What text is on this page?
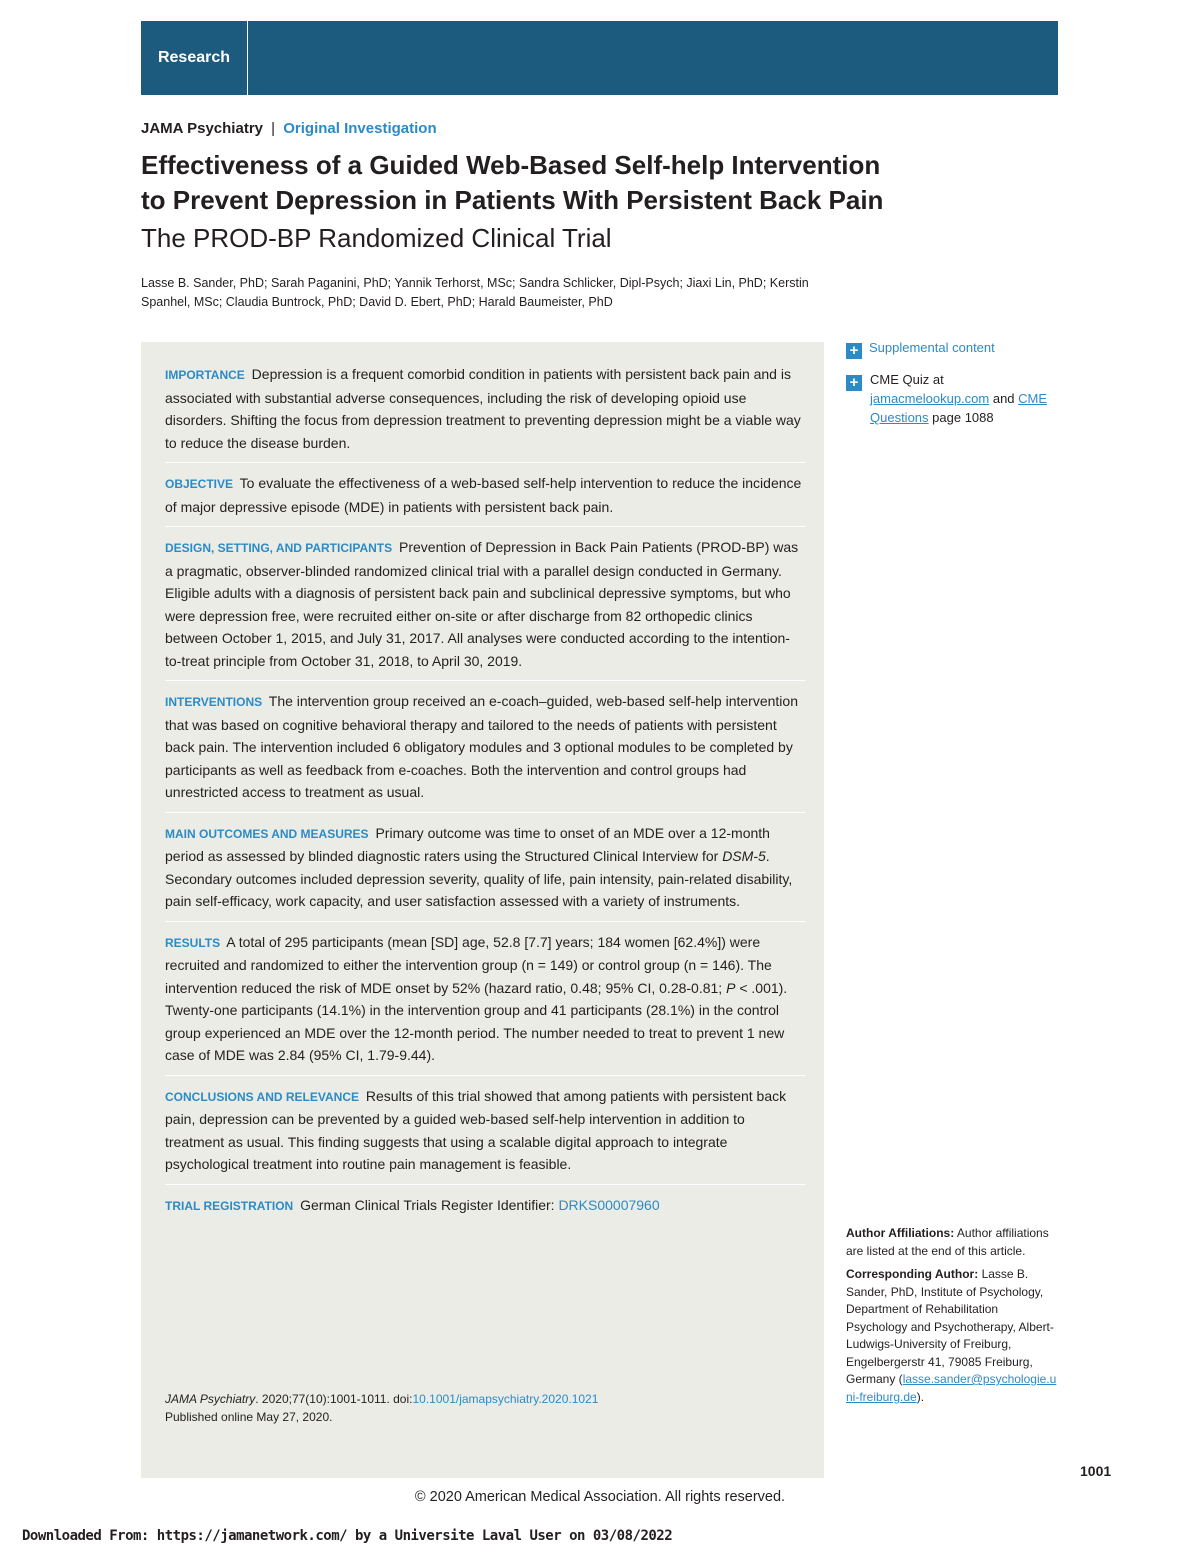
Research
JAMA Psychiatry | Original Investigation
Effectiveness of a Guided Web-Based Self-help Intervention to Prevent Depression in Patients With Persistent Back Pain
The PROD-BP Randomized Clinical Trial
Lasse B. Sander, PhD; Sarah Paganini, PhD; Yannik Terhorst, MSc; Sandra Schlicker, Dipl-Psych; Jiaxi Lin, PhD; Kerstin Spanhel, MSc; Claudia Buntrock, PhD; David D. Ebert, PhD; Harald Baumeister, PhD
IMPORTANCE Depression is a frequent comorbid condition in patients with persistent back pain and is associated with substantial adverse consequences, including the risk of developing opioid use disorders. Shifting the focus from depression treatment to preventing depression might be a viable way to reduce the disease burden.
OBJECTIVE To evaluate the effectiveness of a web-based self-help intervention to reduce the incidence of major depressive episode (MDE) in patients with persistent back pain.
DESIGN, SETTING, AND PARTICIPANTS Prevention of Depression in Back Pain Patients (PROD-BP) was a pragmatic, observer-blinded randomized clinical trial with a parallel design conducted in Germany. Eligible adults with a diagnosis of persistent back pain and subclinical depressive symptoms, but who were depression free, were recruited either on-site or after discharge from 82 orthopedic clinics between October 1, 2015, and July 31, 2017. All analyses were conducted according to the intention-to-treat principle from October 31, 2018, to April 30, 2019.
INTERVENTIONS The intervention group received an e-coach–guided, web-based self-help intervention that was based on cognitive behavioral therapy and tailored to the needs of patients with persistent back pain. The intervention included 6 obligatory modules and 3 optional modules to be completed by participants as well as feedback from e-coaches. Both the intervention and control groups had unrestricted access to treatment as usual.
MAIN OUTCOMES AND MEASURES Primary outcome was time to onset of an MDE over a 12-month period as assessed by blinded diagnostic raters using the Structured Clinical Interview for DSM-5. Secondary outcomes included depression severity, quality of life, pain intensity, pain-related disability, pain self-efficacy, work capacity, and user satisfaction assessed with a variety of instruments.
RESULTS A total of 295 participants (mean [SD] age, 52.8 [7.7] years; 184 women [62.4%]) were recruited and randomized to either the intervention group (n = 149) or control group (n = 146). The intervention reduced the risk of MDE onset by 52% (hazard ratio, 0.48; 95% CI, 0.28-0.81; P < .001). Twenty-one participants (14.1%) in the intervention group and 41 participants (28.1%) in the control group experienced an MDE over the 12-month period. The number needed to treat to prevent 1 new case of MDE was 2.84 (95% CI, 1.79-9.44).
CONCLUSIONS AND RELEVANCE Results of this trial showed that among patients with persistent back pain, depression can be prevented by a guided web-based self-help intervention in addition to treatment as usual. This finding suggests that using a scalable digital approach to integrate psychological treatment into routine pain management is feasible.
TRIAL REGISTRATION German Clinical Trials Register Identifier: DRKS00007960
JAMA Psychiatry. 2020;77(10):1001-1011. doi:10.1001/jamapsychiatry.2020.1021
Published online May 27, 2020.
+ Supplemental content
+ CME Quiz at
jamacmelookup.com and CME Questions page 1088

Author Affiliations: Author affiliations are listed at the end of this article.

Corresponding Author: Lasse B. Sander, PhD, Institute of Psychology, Department of Rehabilitation Psychology and Psychotherapy, Albert-Ludwigs-University of Freiburg, Engelbergerstr 41, 79085 Freiburg, Germany (lasse.sander@psychologie.uni-freiburg.de).

1001
© 2020 American Medical Association. All rights reserved.
Downloaded From: https://jamanetwork.com/ by a Universite Laval User on 03/08/2022
